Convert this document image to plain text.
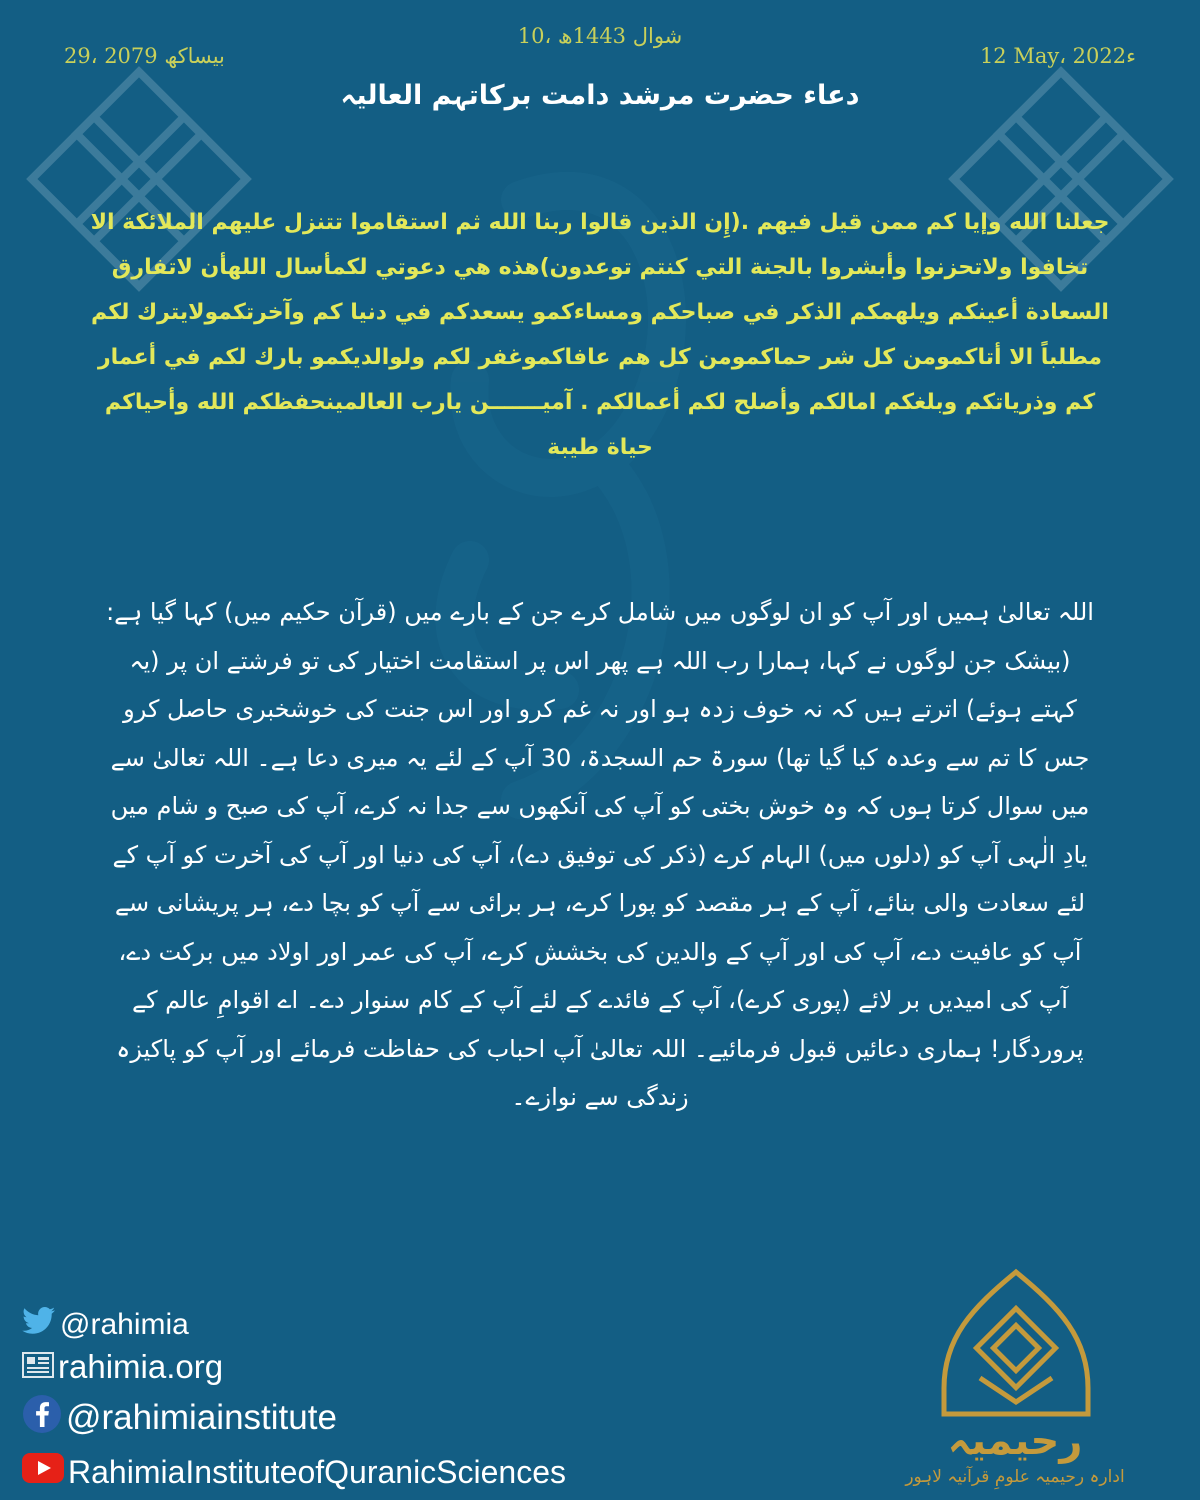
29، بیساکھ 2079
10، شوال 1443ھ
12 May، 2022ء
دعاء حضرت مرشد دامت برکاتہم العالیہ
جعلنا الله وإيا كم ممن قيل فيهم .(إِن الذين قالوا ربنا الله ثم استقاموا تتنزل عليهم الملائكة الا تخافوا ولاتحزنوا وأبشروا بالجنة التي كنتم توعدون)هذه هي دعوتي لكمأسال اللهأن لاتفارق السعادة أعينكم ويلهمكم الذكر في صباحكم ومساءكمو يسعدكم في دنيا كم وآخرتكمولايترك لكم مطلباً الا أتاكمومن كل شر حماكمومن كل هم عافاكموغفر لكم ولوالديكمو بارك لكم في أعمار كم وذرياتكم وبلغكم امالكم وأصلح لكم أعمالكم . آميـــــــن يارب العالمينحفظكم الله وأحياكم حياة طيبة
اللہ تعالیٰ ہمیں اور آپ کو ان لوگوں میں شامل کرے جن کے بارے میں (قرآن حکیم میں) کہا گیا ہے: (بیشک جن لوگوں نے کہا، ہمارا رب اللہ ہے پھر اس پر استقامت اختیار کی تو فرشتے ان پر (یہ کہتے ہوئے) اترتے ہیں کہ نہ خوف زدہ ہو اور نہ غم کرو اور اس جنت کی خوشخبری حاصل کرو جس کا تم سے وعدہ کیا گیا تھا) سورۃ حم السجدۃ، 30 آپ کے لئے یہ میری دعا ہے۔ اللہ تعالیٰ سے میں سوال کرتا ہوں کہ وہ خوش بختی کو آپ کی آنکھوں سے جدا نہ کرے، آپ کی صبح و شام میں یادِ الٰہی آپ کو (دلوں میں) الہام کرے (ذکر کی توفیق دے)، آپ کی دنیا اور آپ کی آخرت کو آپ کے لئے سعادت والی بنائے، آپ کے ہر مقصد کو پورا کرے، ہر برائی سے آپ کو بچا دے، ہر پریشانی سے آپ کو عافیت دے، آپ کی اور آپ کے والدین کی بخشش کرے، آپ کی عمر اور اولاد میں برکت دے، آپ کی امیدیں بر لائے (پوری کرے)، آپ کے فائدے کے لئے آپ کے کام سنوار دے۔ اے اقوامِ عالم کے پروردگار! ہماری دعائیں قبول فرمائیے۔ اللہ تعالیٰ آپ احباب کی حفاظت فرمائے اور آپ کو پاکیزہ زندگی سے نوازے۔
@rahimia
rahimia.org
@rahimiainstitute
RahimiaInstituteofQuranicSciences
رحیمیہ
ادارہ رحیمیہ علومِ قرآنیہ لاہور
